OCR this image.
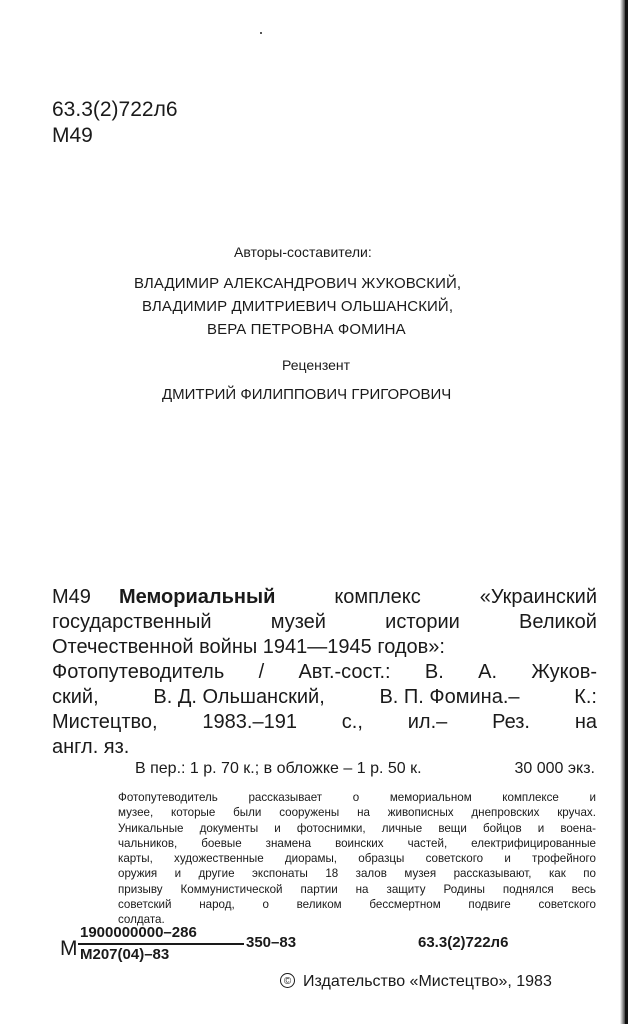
63.3(2)722л6
М49
Авторы-составители:
ВЛАДИМИР АЛЕКСАНДРОВИЧ ЖУКОВСКИЙ,
ВЛАДИМИР ДМИТРИЕВИЧ ОЛЬШАНСКИЙ,
ВЕРА ПЕТРОВНА ФОМИНА
Рецензент
ДМИТРИЙ ФИЛИППОВИЧ ГРИГОРОВИЧ
М49	Мемориальный	комплекс	«Украинский
государственный	музей	истории	Великой
Отечественной войны 1941—1945 годов»:
Фотопутеводитель / Авт.-сост.: В. А. Жуков-
ский,	В. Д. Ольшанский,	В. П. Фомина.–	К.:
Мистецтво, 1983.–191 с., ил.– Рез. на
англ. яз.
В пер.: 1 р. 70 к.; в обложке – 1 р. 50 к.	30 000 экз.
Фотопутеводитель	рассказывает	о	мемориальном	комплексе	и
музее, которые были сооружены на живописных днепровских кручах.
Уникальные документы и фотоснимки, личные вещи бойцов и военa-
чальников, боевые знамена воинских частей, електрифицированные
карты, художественные диорамы, образцы советского и трофейного
оружия и другие экспонаты 18 залов музея рассказывают, как по
призыву Коммунистической партии на защиту Родины поднялся весь
советский народ, о великом бессмертном подвиге советского
солдата.
М
1900000000–286
М207(04)–83
350–83	63.3(2)722л6
© Издательство «Мистецтво», 1983
